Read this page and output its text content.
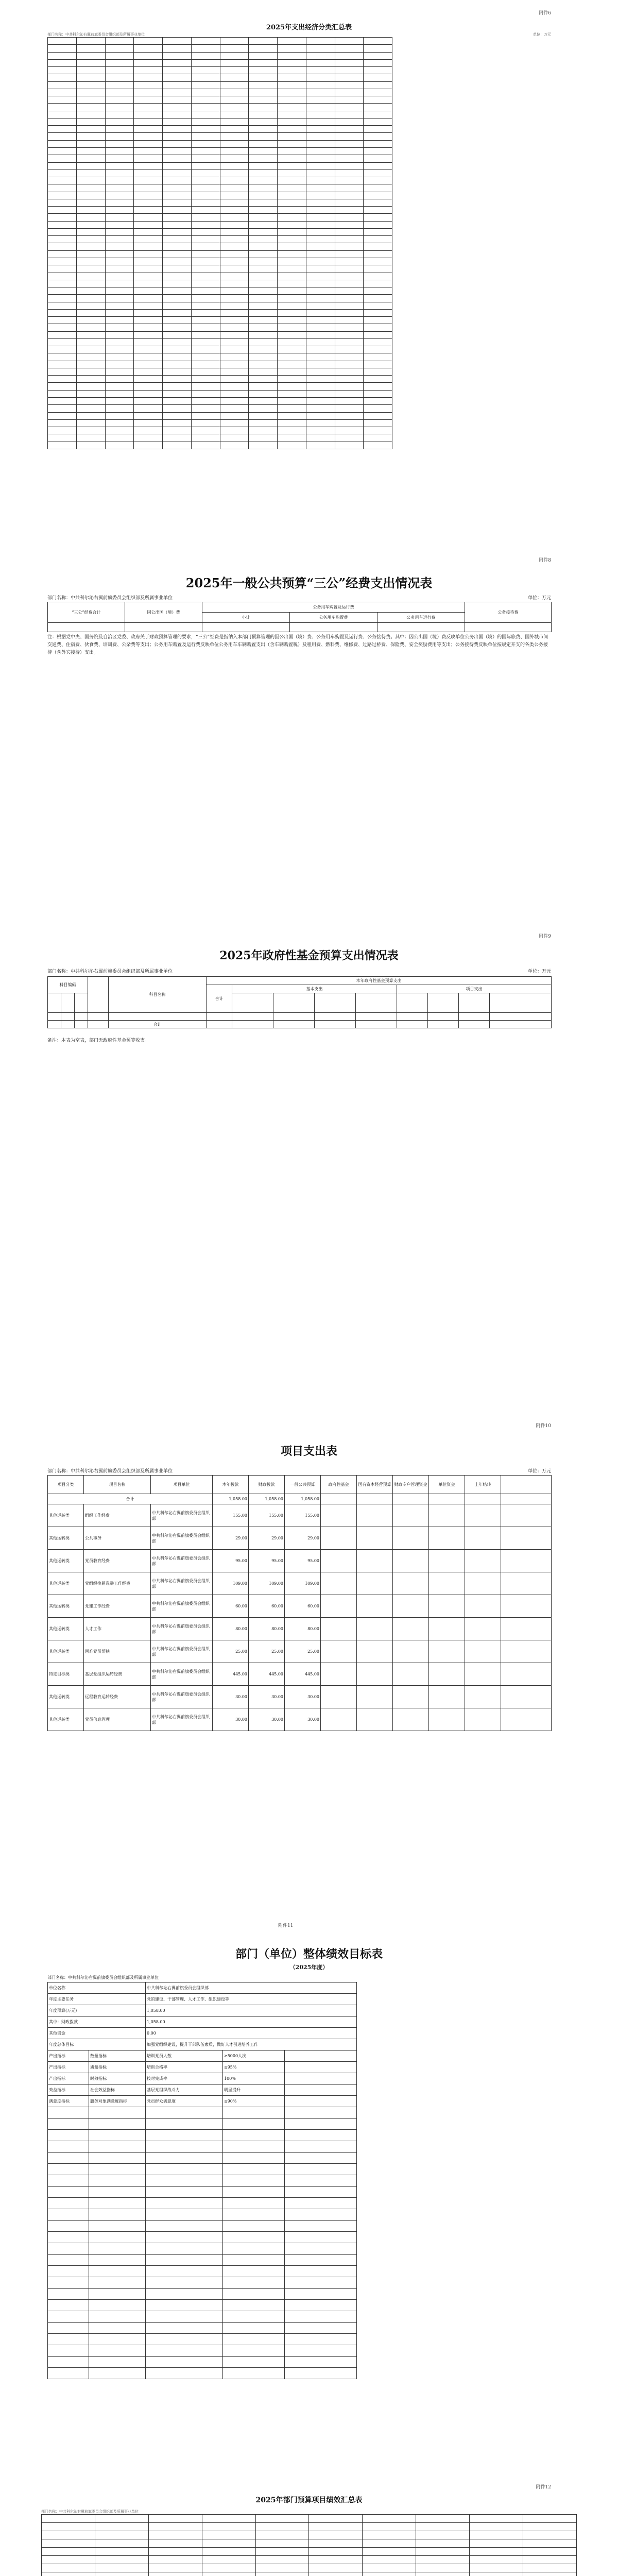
附件6
2025年支出经济分类汇总表
部门名称：中共科尔沁右翼前旗委员会组织部及所属事业单位	单位：万元

附件8
2025年一般公共预算“三公”经费支出情况表
部门名称：中共科尔沁右翼前旗委员会组织部及所属事业单位	单位：万元
“三公”经费合计	因公出国（境）费	公务用车购置及运行费			公务接待费
		小计	公务用车购置费	公务用车运行费	

注：根据党中央、国务院及自治区党委、政府关于财政预算管理的要求，“三公”经费是指纳入本部门预算管理的因公出国（境）费、公务用车购置及运行费、公务接待费。其中：因公出国（境）费反映单位公务出国（境）的国际旅费、国外城市间交通费、住宿费、伙食费、培训费、公杂费等支出；公务用车购置及运行费反映单位公务用车车辆购置支出（含车辆购置税）及租用费、燃料费、维修费、过路过桥费、保险费、安全奖励费用等支出；公务接待费反映单位按规定开支的各类公务接待（含外宾接待）支出。
附件9
2025年政府性基金预算支出情况表
部门名称：中共科尔沁右翼前旗委员会组织部及所属事业单位	单位：万元
科目编码				科目名称	本年政府性基金预算支出								
					合计	基本支出				项目支出			

				合计									
备注：本表为空表，部门无政府性基金预算收支。
附件10
项目支出表
部门名称：中共科尔沁右翼前旗委员会组织部及所属事业单位	单位：万元
项目分类	项目名称	项目单位	本年拨款	财政拨款	一般公共预算	政府性基金	国有资本经营预算	财政专户管理资金	单位资金	上年结转	
合计			1,058.00	1,058.00	1,058.00						
其他运转类	组织工作经费	中共科尔沁右翼前旗委员会组织部	155.00	155.00	155.00						
其他运转类	公共事务	中共科尔沁右翼前旗委员会组织部	29.00	29.00	29.00						
其他运转类	党员教育经费	中共科尔沁右翼前旗委员会组织部	95.00	95.00	95.00						
其他运转类	党组织换届选举工作经费	中共科尔沁右翼前旗委员会组织部	109.00	109.00	109.00						
其他运转类	党建工作经费	中共科尔沁右翼前旗委员会组织部	60.00	60.00	60.00						
其他运转类	人才工作	中共科尔沁右翼前旗委员会组织部	80.00	80.00	80.00						
其他运转类	困难党员帮扶	中共科尔沁右翼前旗委员会组织部	25.00	25.00	25.00						
特定目标类	基层党组织运转经费	中共科尔沁右翼前旗委员会组织部	445.00	445.00	445.00						
其他运转类	远程教育运转经费	中共科尔沁右翼前旗委员会组织部	30.00	30.00	30.00						
其他运转类	党员信息管理	中共科尔沁右翼前旗委员会组织部	30.00	30.00	30.00						
附件11
部门（单位）整体绩效目标表
（2025年度）
部门名称：中共科尔沁右翼前旗委员会组织部及所属事业单位
单位名称		中共科尔沁右翼前旗委员会组织部		
年度主要任务		党的建设、干部管理、人才工作、组织建设等		
年度预算(万元)		1,058.00		
其中：财政拨款		1,058.00		
其他资金		0.00		
年度总体目标		加强党组织建设，提升干部队伍素质，做好人才引进培养工作		
产出指标	数量指标	培训党员人数	≥5000人次	
产出指标	质量指标	培训合格率	≥95%	
产出指标	时效指标	按时完成率	100%	
效益指标	社会效益指标	基层党组织战斗力	明显提升	
满意度指标	服务对象满意度指标	党员群众满意度	≥90%	

附件12
2025年部门预算项目绩效汇总表
部门名称：中共科尔沁右翼前旗委员会组织部及所属事业单位
